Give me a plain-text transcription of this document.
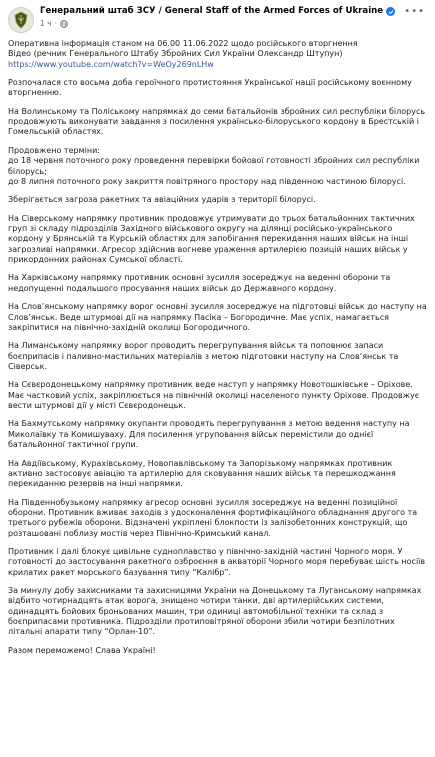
Генеральний штаб ЗСУ / General Staff of the Armed Forces of Ukraine
1 ч ·
•••

Оперативна інформація станом на 06.00 11.06.2022 щодо російського вторгнення
Відео (речник Генерального Штабу Збройних Сил України Олександр Штупун)
https://www.youtube.com/watch?v=WeOy269nLHw

Розпочалася сто восьма доба героїчного протистояння Української нації російському воєнному вторгненню.

На Волинському та Поліському напрямках до семи батальйонів збройних сил республіки білорусь продовжують виконувати завдання з посилення українсько-білоруського кордону в Брестській і Гомельській областях.

Продовжено терміни:
до 18 червня поточного року проведення перевірки бойової готовності збройних сил республіки білорусь;
до 8 липня поточного року закриття повітряного простору над південною частиною білорусі.

Зберігається загроза ракетних та авіаційних ударів з території білорусі.

На Сіверському напрямку противник продовжує утримувати до трьох батальйонних тактичних груп зі складу підрозділів Західного військового округу на ділянці російсько-українського кордону у Брянській та Курській областях для запобігання перекидання наших військ на інші загрозливі напрямки. Агресор здійснив вогневе ураження артилерією позицій наших військ у прикордонних районах Сумської області.

На Харківському напрямку противник основні зусилля зосереджує на веденні оборони та недопущенні подальшого просування наших військ до Державного кордону.

На Слов’янському напрямку ворог основні зусилля зосереджує на підготовці військ до наступу на Слов’янськ. Веде штурмові дії на напрямку Пасіка – Богородичне. Має успіх, намагається закріпитися на північно-західній околиці Богородичного.

На Лиманському напрямку ворог проводить перегрупування військ та поповнює запаси боєприпасів і паливно-мастильних матеріалів з метою підготовки наступу на Слов’янськ та Сіверськ.

На Сєвєродонецькому напрямку противник веде наступ у напрямку Новотошківське – Оріхове. Має частковий успіх, закріплюється на північній околиці населеного пункту Оріхове. Продовжує вести штурмові дії у місті Сєвєродонецьк.

На Бахмутському напрямку окупанти проводять перегрупування з метою ведення наступу на Миколаївку та Комишуваху. Для посилення угруповання військ перемістили до однієї батальйонної тактичної групи.

На Авдіївському, Курахівському, Новопавлівському та Запорізькому напрямках противник активно застосовує авіацію та артилерію для сковування наших військ та перешкоджання перекиданню резервів на інші напрямки.

На Південнобузькому напрямку агресор основні зусилля зосереджує на веденні позиційної оборони. Противник вживає заходів з удосконалення фортифікаційного обладнання другого та третього рубежів оборони. Відзначені укріплені блокпости із залізобетонних конструкцій, що розташовані поблизу мостів через Північно-Кримський канал.

Противник і далі блокує цивільне судноплавство у північно-західній частині Чорного моря. У готовності до застосування ракетного озброєння в акваторії Чорного моря перебуває шість носіїв крилатих ракет морського базування типу “Калібр”.

За минулу добу захисниками та захисницями України на Донецькому та Луганському напрямках відбито чотирнадцять атак ворога, знищено чотири танки, дві артилерійських системи, одинадцять бойових броньованих машин, три одиниці автомобільної техніки та склад з боєприпасами противника. Підрозділи протиповітряної оборони збили чотири безпілотних літальні апарати типу “Орлан-10”.

Разом переможемо! Слава Україні!
